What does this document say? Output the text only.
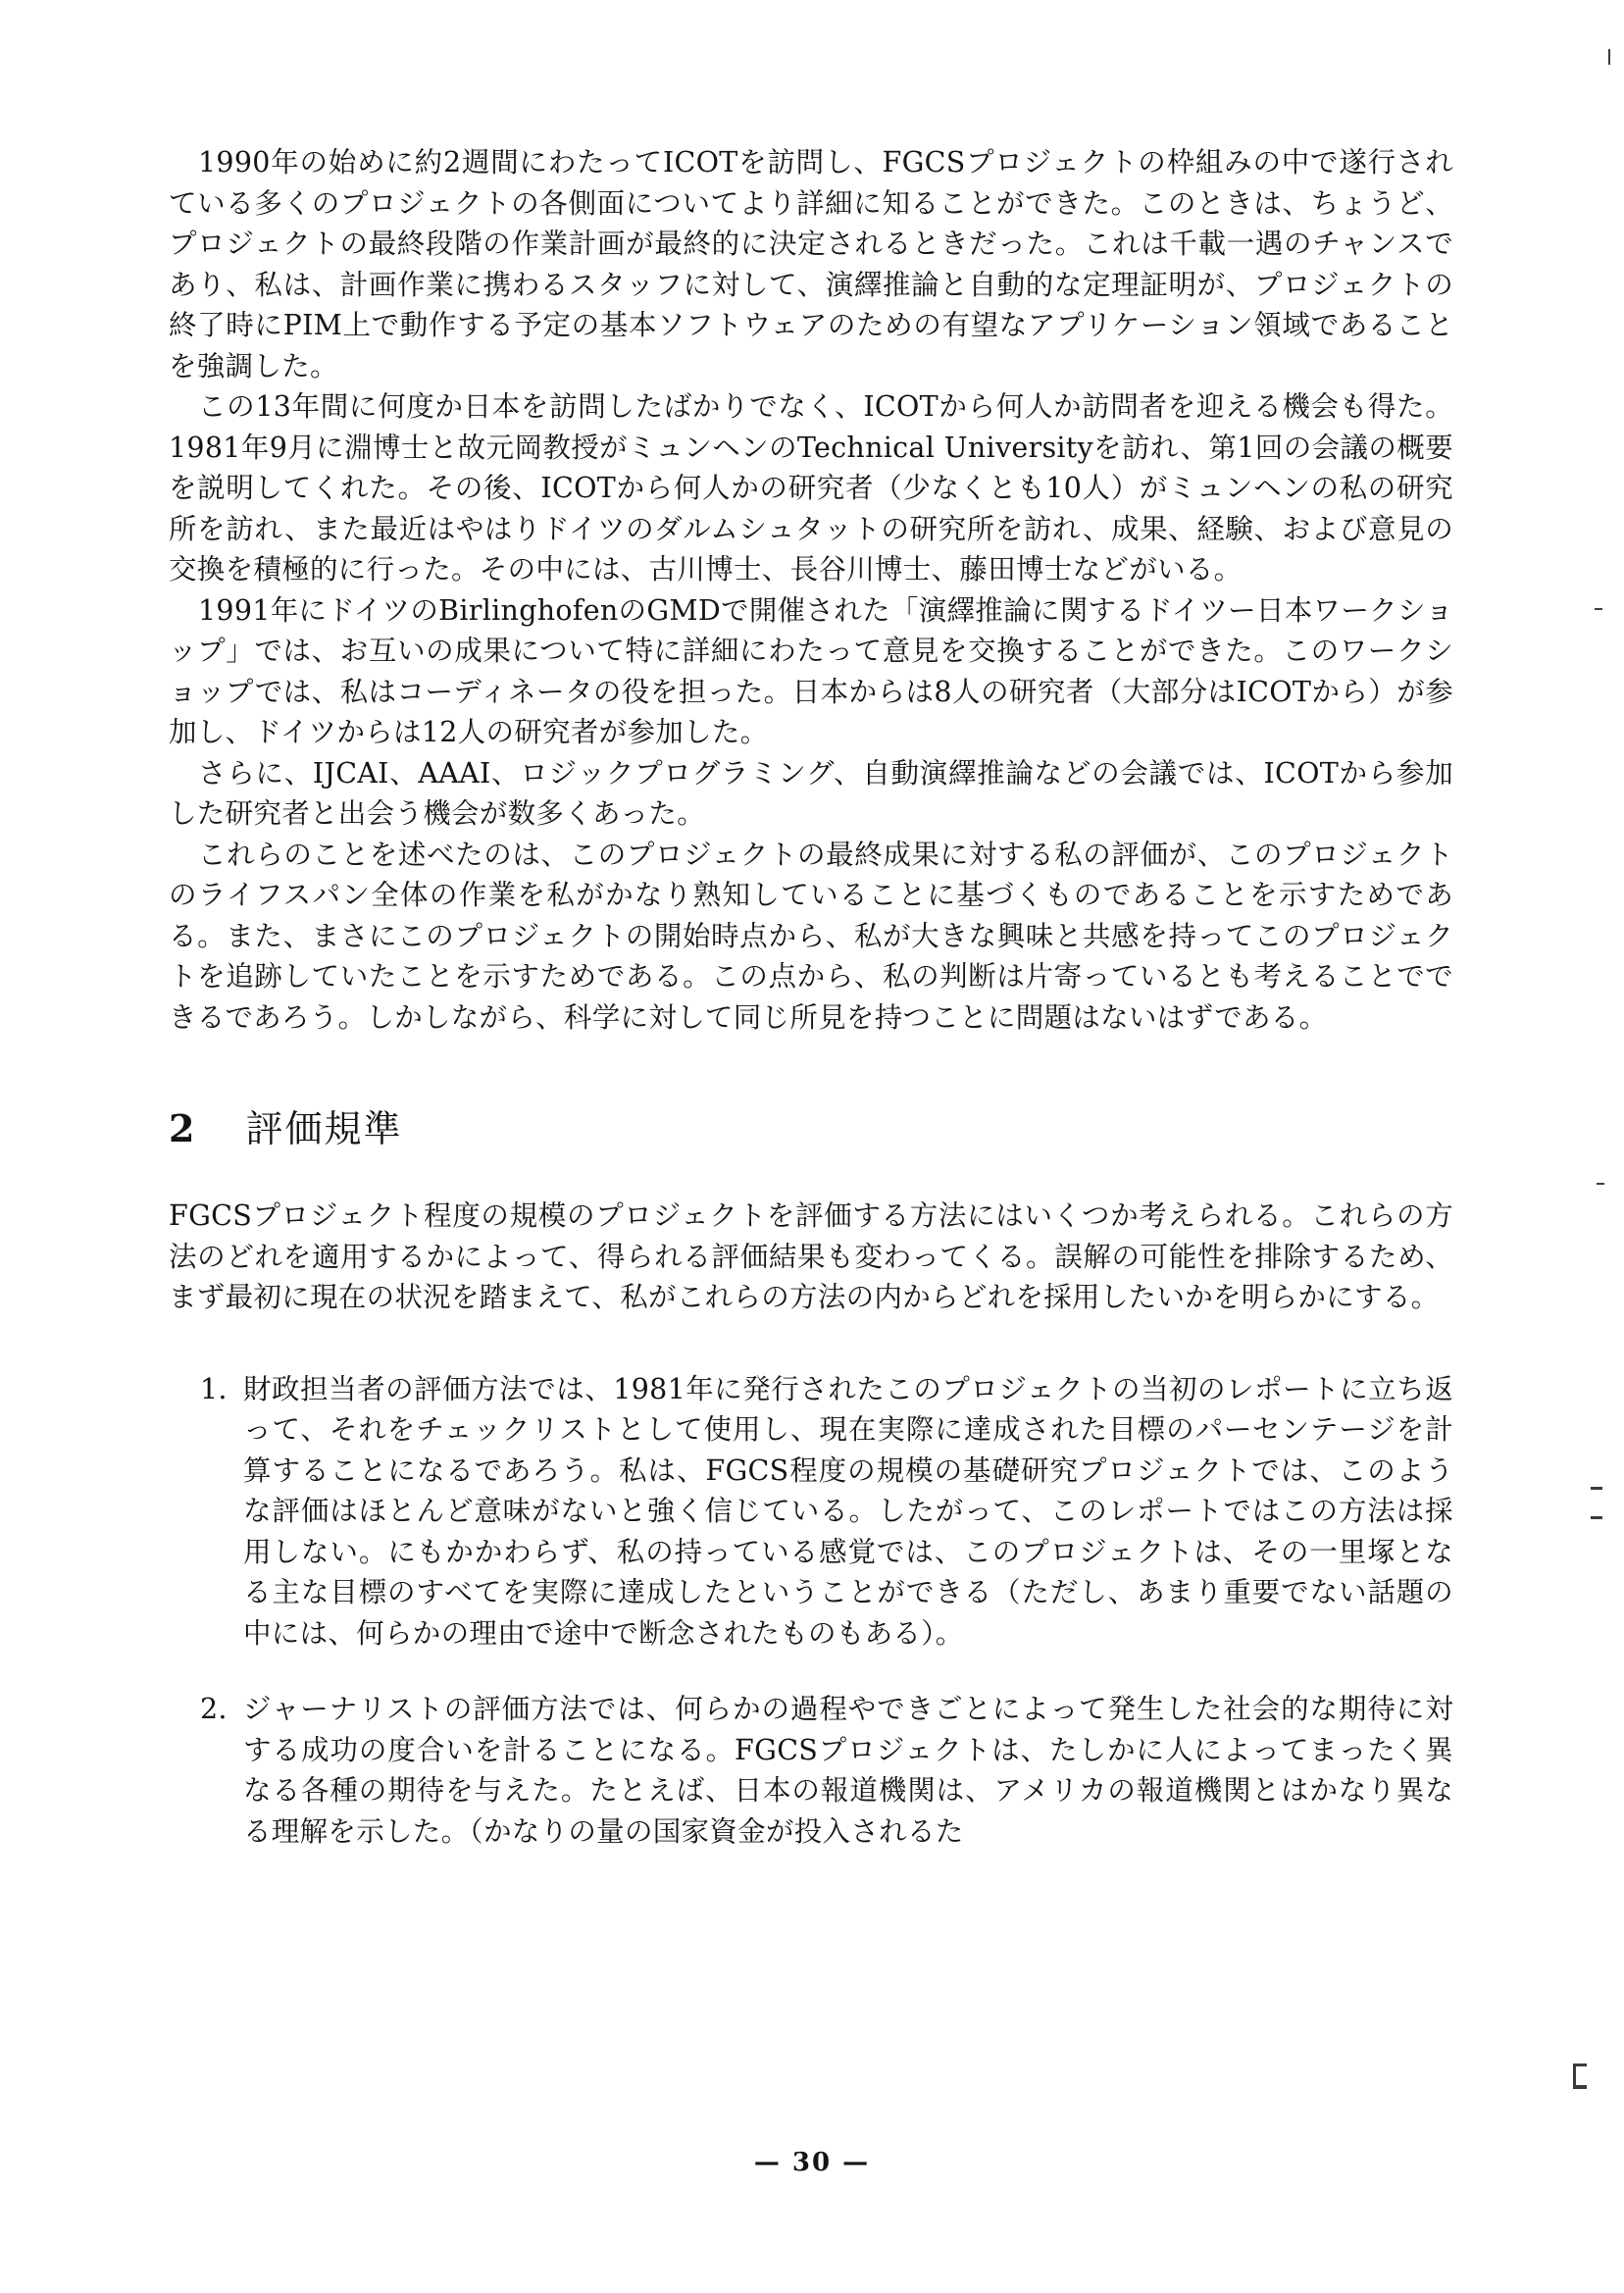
1990年の始めに約2週間にわたってICOTを訪問し、FGCSプロジェクトの枠組みの中で遂行されている多くのプロジェクトの各側面についてより詳細に知ることができた。このときは、ちょうど、プロジェクトの最終段階の作業計画が最終的に決定されるときだった。これは千載一遇のチャンスであり、私は、計画作業に携わるスタッフに対して、演繹推論と自動的な定理証明が、プロジェクトの終了時にPIM上で動作する予定の基本ソフトウェアのための有望なアプリケーション領域であることを強調した。

この13年間に何度か日本を訪問したばかりでなく、ICOTから何人か訪問者を迎える機会も得た。1981年9月に淵博士と故元岡教授がミュンヘンのTechnical Universityを訪れ、第1回の会議の概要を説明してくれた。その後、ICOTから何人かの研究者（少なくとも10人）がミュンヘンの私の研究所を訪れ、また最近はやはりドイツのダルムシュタットの研究所を訪れ、成果、経験、および意見の交換を積極的に行った。その中には、古川博士、長谷川博士、藤田博士などがいる。

1991年にドイツのBirlinghofenのGMDで開催された「演繹推論に関するドイツー日本ワークショップ」では、お互いの成果について特に詳細にわたって意見を交換することができた。このワークショップでは、私はコーディネータの役を担った。日本からは8人の研究者（大部分はICOTから）が参加し、ドイツからは12人の研究者が参加した。

さらに、IJCAI、AAAI、ロジックプログラミング、自動演繹推論などの会議では、ICOTから参加した研究者と出会う機会が数多くあった。

これらのことを述べたのは、このプロジェクトの最終成果に対する私の評価が、このプロジェクトのライフスパン全体の作業を私がかなり熟知していることに基づくものであることを示すためである。また、まさにこのプロジェクトの開始時点から、私が大きな興味と共感を持ってこのプロジェクトを追跡していたことを示すためである。この点から、私の判断は片寄っているとも考えることでできるであろう。しかしながら、科学に対して同じ所見を持つことに問題はないはずである。

2 評価規準

FGCSプロジェクト程度の規模のプロジェクトを評価する方法にはいくつか考えられる。これらの方法のどれを適用するかによって、得られる評価結果も変わってくる。誤解の可能性を排除するため、まず最初に現在の状況を踏まえて、私がこれらの方法の内からどれを採用したいかを明らかにする。

1. 財政担当者の評価方法では、1981年に発行されたこのプロジェクトの当初のレポートに立ち返って、それをチェックリストとして使用し、現在実際に達成された目標のパーセンテージを計算することになるであろう。私は、FGCS程度の規模の基礎研究プロジェクトでは、このような評価はほとんど意味がないと強く信じている。したがって、このレポートではこの方法は採用しない。にもかかわらず、私の持っている感覚では、このプロジェクトは、その一里塚となる主な目標のすべてを実際に達成したということができる（ただし、あまり重要でない話題の中には、何らかの理由で途中で断念されたものもある）。
2. ジャーナリストの評価方法では、何らかの過程やできごとによって発生した社会的な期待に対する成功の度合いを計ることになる。FGCSプロジェクトは、たしかに人によってまったく異なる各種の期待を与えた。たとえば、日本の報道機関は、アメリカの報道機関とはかなり異なる理解を示した。（かなりの量の国家資金が投入されるた
— 30 —
